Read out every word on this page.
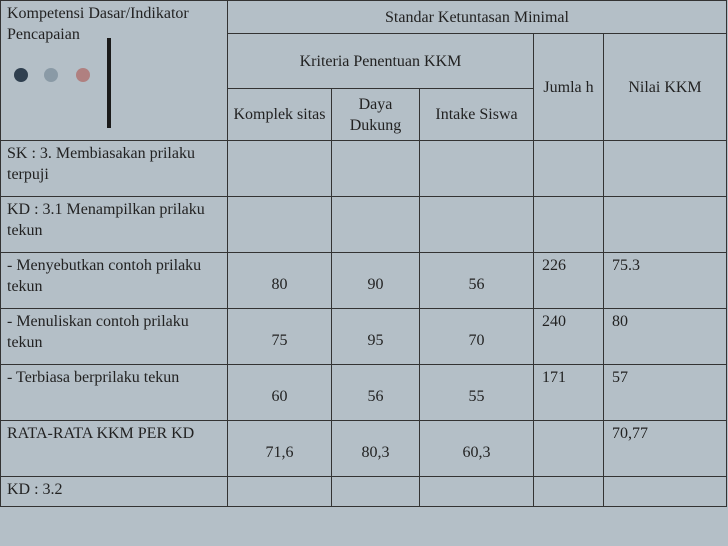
Kompetensi Dasar/Indikator Pencapaian	Standar Ketuntasan Minimal				
	Kriteria Penentuan KKM			Jumla h	Nilai KKM
	Komplek sitas	Daya Dukung	Intake Siswa		
SK : 3. Membiasakan prilaku terpuji					
KD : 3.1 Menampilkan prilaku tekun					
- Menyebutkan contoh prilaku tekun	80	90	56	226	75.3
- Menuliskan contoh prilaku tekun	75	95	70	240	80
- Terbiasa berprilaku tekun	60	56	55	171	57
RATA-RATA KKM PER KD	71,6	80,3	60,3		70,77
KD : 3.2					
